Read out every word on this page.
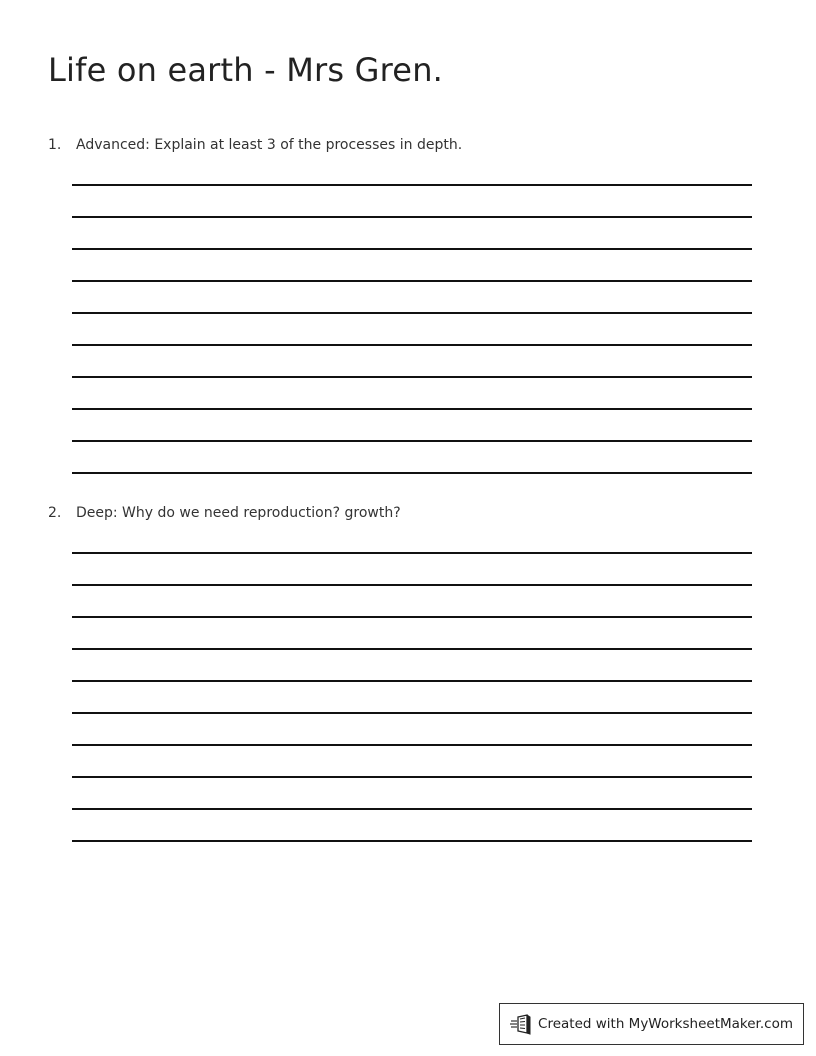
Life on earth - Mrs Gren.
1. Advanced: Explain at least 3 of the processes in depth.
2. Deep: Why do we need reproduction? growth?
Created with MyWorksheetMaker.com
